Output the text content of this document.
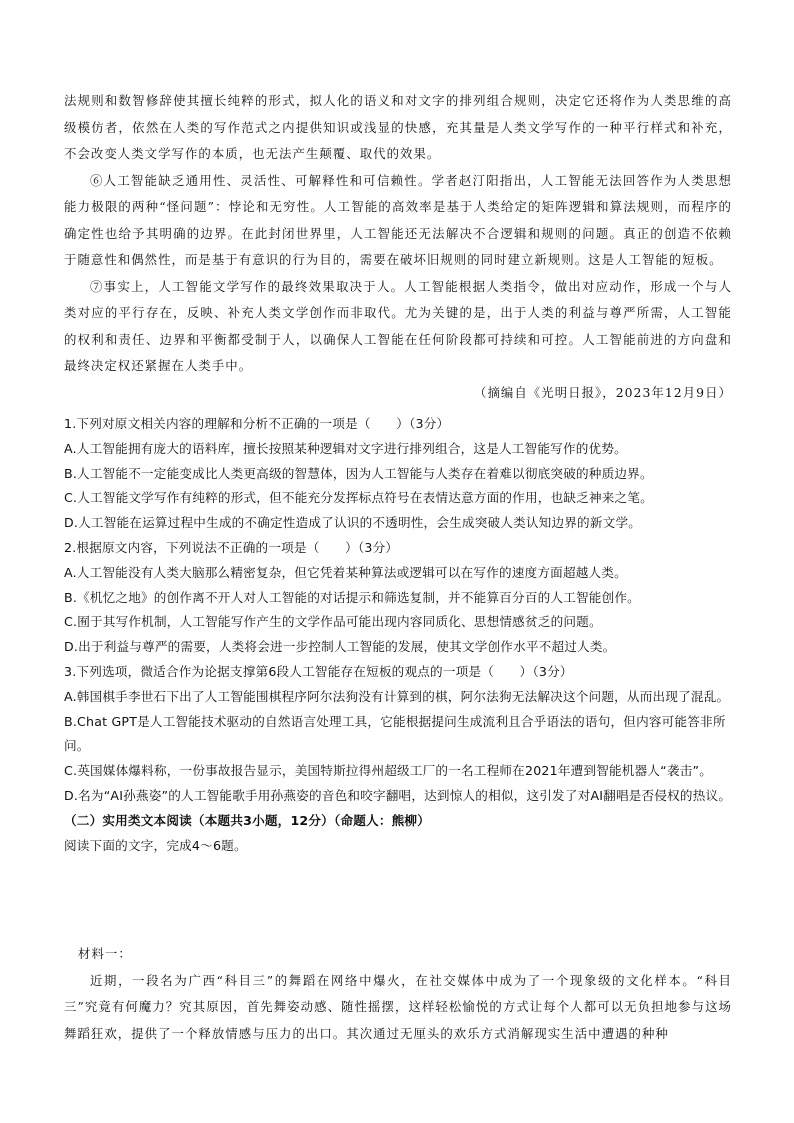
法规则和数智修辞使其擅长纯粹的形式，拟人化的语义和对文字的排列组合规则，决定它还将作为人类思维的高级模仿者，依然在人类的写作范式之内提供知识或浅显的快感，充其量是人类文学写作的一种平行样式和补充，不会改变人类文学写作的本质，也无法产生颠覆、取代的效果。

⑥人工智能缺乏通用性、灵活性、可解释性和可信赖性。学者赵汀阳指出，人工智能无法回答作为人类思想能力极限的两种“怪问题”：悖论和无穷性。人工智能的高效率是基于人类给定的矩阵逻辑和算法规则，而程序的确定性也给予其明确的边界。在此封闭世界里，人工智能还无法解决不合逻辑和规则的问题。真正的创造不依赖于随意性和偶然性，而是基于有意识的行为目的，需要在破坏旧规则的同时建立新规则。这是人工智能的短板。

⑦事实上，人工智能文学写作的最终效果取决于人。人工智能根据人类指令，做出对应动作，形成一个与人类对应的平行存在，反映、补充人类文学创作而非取代。尤为关键的是，出于人类的利益与尊严所需，人工智能的权利和责任、边界和平衡都受制于人，以确保人工智能在任何阶段都可持续和可控。人工智能前进的方向盘和最终决定权还紧握在人类手中。

（摘编自《光明日报》，2023年12月9日）

1.下列对原文相关内容的理解和分析不正确的一项是（　　）（3分）

A.人工智能拥有庞大的语料库，擅长按照某种逻辑对文字进行排列组合，这是人工智能写作的优势。

B.人工智能不一定能变成比人类更高级的智慧体，因为人工智能与人类存在着难以彻底突破的种质边界。

C.人工智能文学写作有纯粹的形式，但不能充分发挥标点符号在表情达意方面的作用，也缺乏神来之笔。

D.人工智能在运算过程中生成的不确定性造成了认识的不透明性，会生成突破人类认知边界的新文学。

2.根据原文内容，下列说法不正确的一项是（　　）（3分）

A.人工智能没有人类大脑那么精密复杂，但它凭着某种算法或逻辑可以在写作的速度方面超越人类。

B.《机忆之地》的创作离不开人对人工智能的对话提示和筛选复制，并不能算百分百的人工智能创作。

C.囿于其写作机制，人工智能写作产生的文学作品可能出现内容同质化、思想情感贫乏的问题。

D.出于利益与尊严的需要，人类将会进一步控制人工智能的发展，使其文学创作水平不超过人类。

3.下列选项，微适合作为论据支撑第6段人工智能存在短板的观点的一项是（　　）（3分）

A.韩国棋手李世石下出了人工智能围棋程序阿尔法狗没有计算到的棋，阿尔法狗无法解决这个问题，从而出现了混乱。

B.Chat GPT是人工智能技术驱动的自然语言处理工具，它能根据提问生成流利且合乎语法的语句，但内容可能答非所问。

C.英国媒体爆料称，一份事故报告显示，美国特斯拉得州超级工厂的一名工程师在2021年遭到智能机器人“袭击”。

D.名为“AI孙燕姿”的人工智能歌手用孙燕姿的音色和咬字翻唱，达到惊人的相似，这引发了对AI翻唱是否侵权的热议。

（二）实用类文本阅读（本题共3小题，12分）（命题人：熊柳）

阅读下面的文字，完成4～6题。

材料一：

近期，一段名为广西“科目三”的舞蹈在网络中爆火，在社交媒体中成为了一个现象级的文化样本。“科目三”究竟有何魔力？究其原因，首先舞姿动感、随性摇摆，这样轻松愉悦的方式让每个人都可以无负担地参与这场舞蹈狂欢，提供了一个释放情感与压力的出口。其次通过无厘头的欢乐方式消解现实生活中遭遇的种种
